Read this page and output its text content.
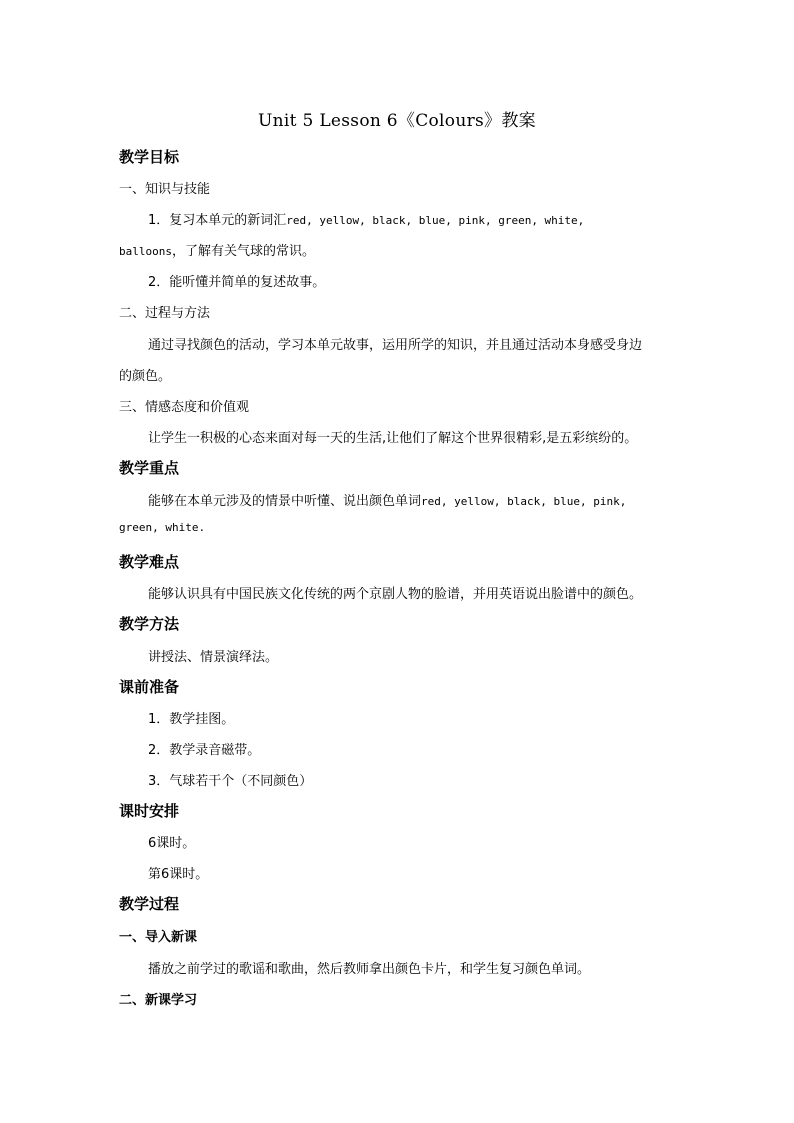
Unit 5 Lesson 6《Colours》教案
教学目标
一、知识与技能
1．复习本单元的新词汇red, yellow, black, blue, pink, green, white,
balloons，了解有关气球的常识。
2．能听懂并简单的复述故事。
二、过程与方法
通过寻找颜色的活动，学习本单元故事，运用所学的知识，并且通过活动本身感受身边
的颜色。
三、情感态度和价值观
让学生一积极的心态来面对每一天的生活,让他们了解这个世界很精彩,是五彩缤纷的。
教学重点
能够在本单元涉及的情景中听懂、说出颜色单词red, yellow, black, blue, pink,
green, white.
教学难点
能够认识具有中国民族文化传统的两个京剧人物的脸谱，并用英语说出脸谱中的颜色。
教学方法
讲授法、情景演绎法。
课前准备
1．教学挂图。
2．教学录音磁带。
3．气球若干个（不同颜色）
课时安排
6课时。
第6课时。
教学过程
一、导入新课
播放之前学过的歌谣和歌曲，然后教师拿出颜色卡片，和学生复习颜色单词。
二、新课学习
